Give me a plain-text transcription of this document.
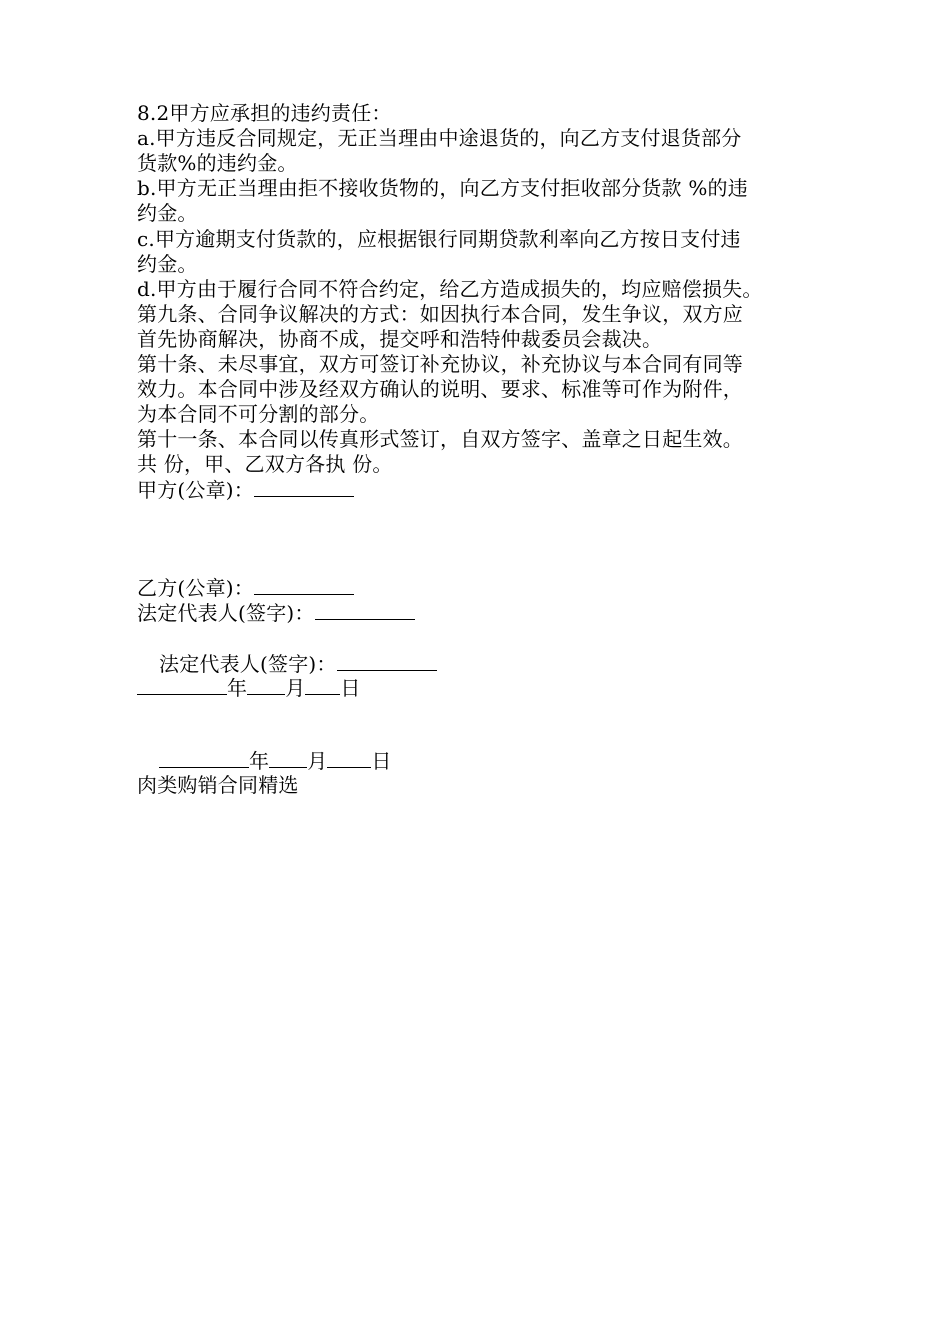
8.2甲方应承担的违约责任：
a.甲方违反合同规定，无正当理由中途退货的，向乙方支付退货部分
货款%的违约金。
b.甲方无正当理由拒不接收货物的，向乙方支付拒收部分货款 %的违
约金。
c.甲方逾期支付货款的，应根据银行同期贷款利率向乙方按日支付违
约金。
d.甲方由于履行合同不符合约定，给乙方造成损失的，均应赔偿损失。
第九条、合同争议解决的方式：如因执行本合同，发生争议，双方应
首先协商解决，协商不成，提交呼和浩特仲裁委员会裁决。
第十条、未尽事宜，双方可签订补充协议，补充协议与本合同有同等
效力。本合同中涉及经双方确认的说明、要求、标准等可作为附件，
为本合同不可分割的部分。
第十一条、本合同以传真形式签订，自双方签字、盖章之日起生效。
共 份，甲、乙双方各执 份。
甲方(公章)：
乙方(公章)：
法定代表人(签字)：
法定代表人(签字)：
年 月 日
年 月 日
肉类购销合同精选
